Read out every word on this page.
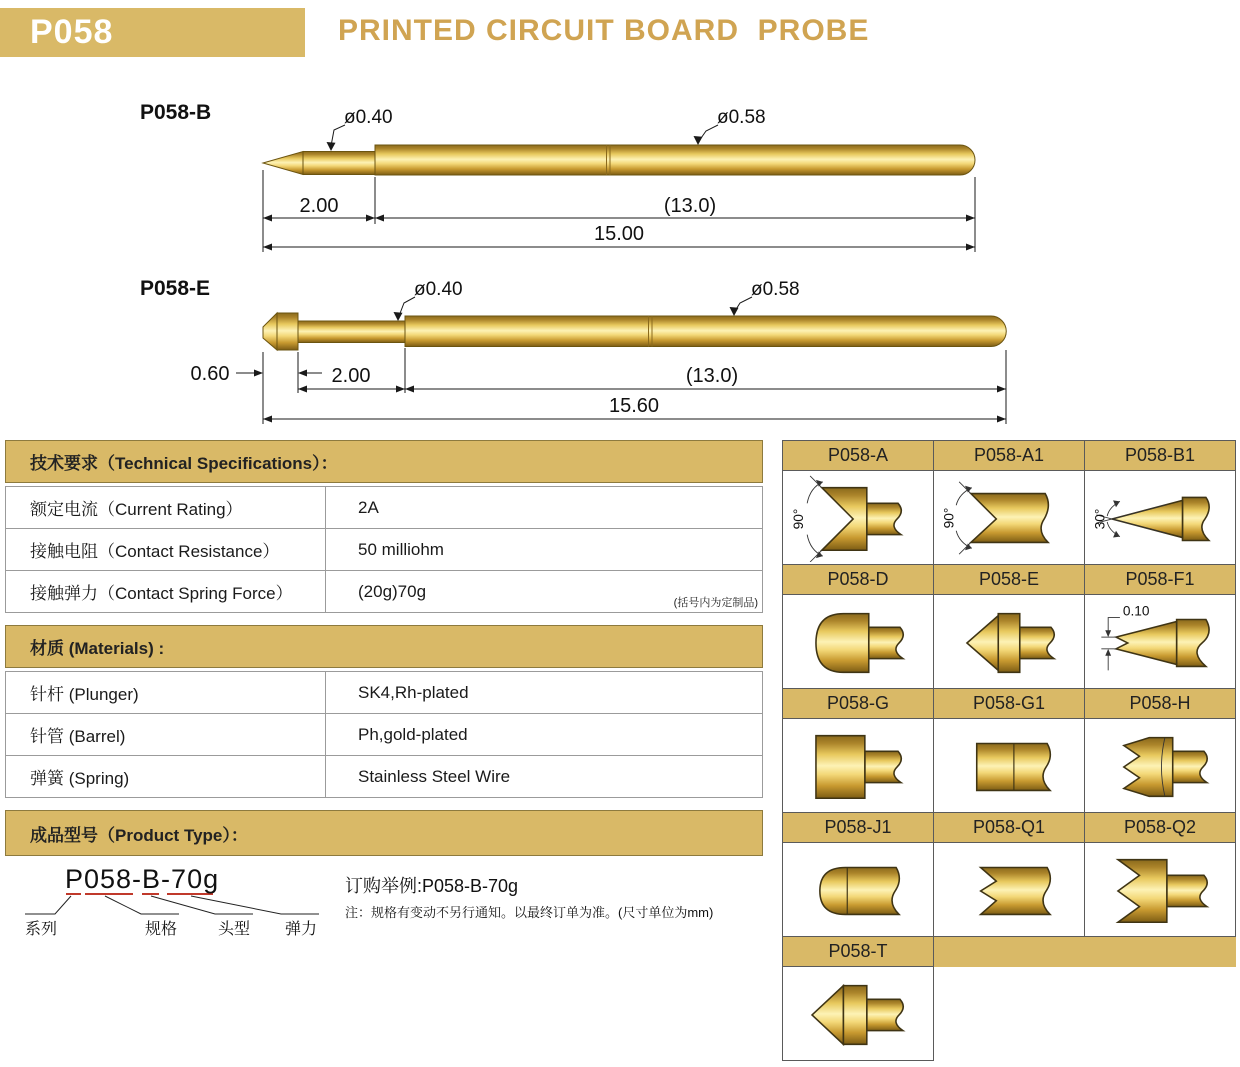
P058	PRINTED CIRCUIT BOARD  PROBE
P058-B	ø0.40	ø0.58
2.00	(13.0)
15.00
P058-E	ø0.40	ø0.58
0.60	2.00	(13.0)
15.60
技术要求（Technical Specifications）：
额定电流（Current Rating）	2A
接触电阻（Contact Resistance）	50 milliohm
接触弹力（Contact Spring Force）	(20g)70g
(括号内为定制品)
材质 (Materials) :
针杆 (Plunger)	SK4,Rh-plated
针管 (Barrel)	Ph,gold-plated
弹簧 (Spring)	Stainless Steel Wire
成品型号（Product Type）：
P058-B-70g
系列	规格	头型 弹力
订购举例:P058-B-70g
注：规格有变动不另行通知。以最终订单为准。(尺寸单位为mm)
P058-A	P058-A1	P058-B1

90°	90°	30°

P058-D	P058-E	P058-F1

0.10

P058-G	P058-G1	P058-H

P058-J1	P058-Q1	P058-Q2

P058-T		
